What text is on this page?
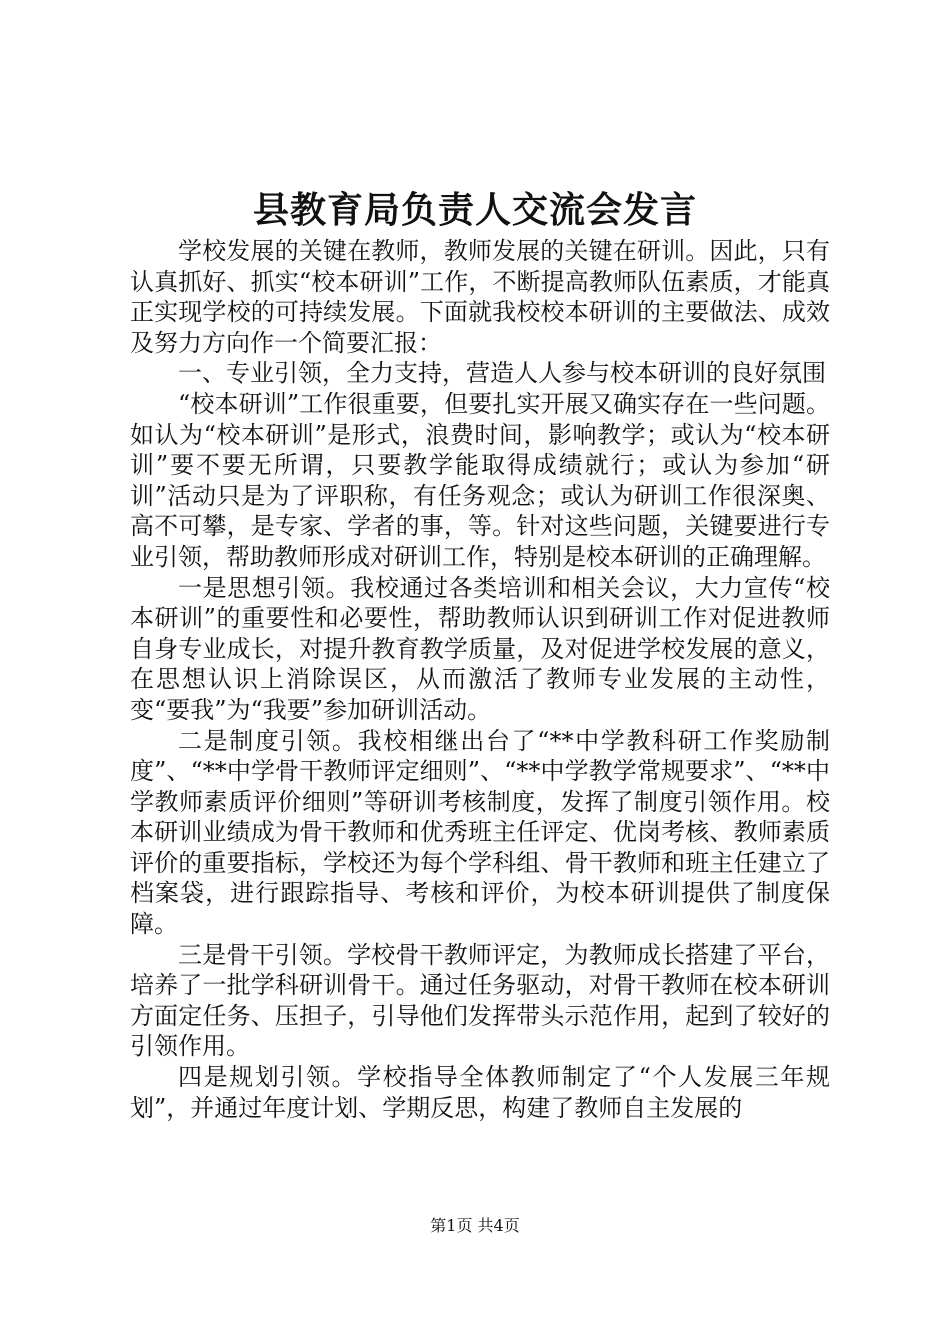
县教育局负责人交流会发言

学校发展的关键在教师，教师发展的关键在研训。因此，只有认真抓好、抓实“校本研训”工作，不断提高教师队伍素质，才能真正实现学校的可持续发展。下面就我校校本研训的主要做法、成效及努力方向作一个简要汇报：

一、专业引领，全力支持，营造人人参与校本研训的良好氛围

“校本研训”工作很重要，但要扎实开展又确实存在一些问题。如认为“校本研训”是形式，浪费时间，影响教学；或认为“校本研训”要不要无所谓，只要教学能取得成绩就行；或认为参加“研训”活动只是为了评职称，有任务观念；或认为研训工作很深奥、高不可攀，是专家、学者的事，等。针对这些问题，关键要进行专业引领，帮助教师形成对研训工作，特别是校本研训的正确理解。

一是思想引领。我校通过各类培训和相关会议，大力宣传“校本研训”的重要性和必要性，帮助教师认识到研训工作对促进教师自身专业成长，对提升教育教学质量，及对促进学校发展的意义，在思想认识上消除误区，从而激活了教师专业发展的主动性，变“要我”为“我要”参加研训活动。

二是制度引领。我校相继出台了“**中学教科研工作奖励制度”、“**中学骨干教师评定细则”、“**中学教学常规要求”、“**中学教师素质评价细则”等研训考核制度，发挥了制度引领作用。校本研训业绩成为骨干教师和优秀班主任评定、优岗考核、教师素质评价的重要指标，学校还为每个学科组、骨干教师和班主任建立了档案袋，进行跟踪指导、考核和评价，为校本研训提供了制度保障。

三是骨干引领。学校骨干教师评定，为教师成长搭建了平台，培养了一批学科研训骨干。通过任务驱动，对骨干教师在校本研训方面定任务、压担子，引导他们发挥带头示范作用，起到了较好的引领作用。

四是规划引领。学校指导全体教师制定了“个人发展三年规划”，并通过年度计划、学期反思，构建了教师自主发展的

第1页 共4页
